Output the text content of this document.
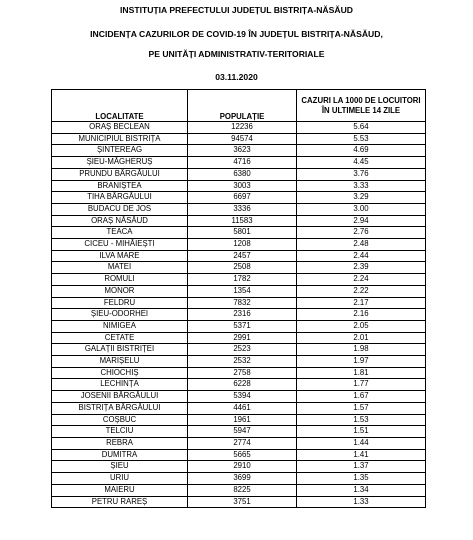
INSTITUȚIA PREFECTULUI JUDEȚUL BISTRIȚA-NĂSĂUD
INCIDENȚA CAZURILOR DE COVID-19 ÎN JUDEȚUL BISTRIȚA-NĂSĂUD,
PE UNITĂȚI ADMINISTRATIV-TERITORIALE
03.11.2020
LOCALITATE	POPULAȚIE	CAZURI LA 1000 DE LOCUITORI ÎN ULTIMELE 14 ZILE
ORAȘ BECLEAN	12236	5.64
MUNICIPIUL BISTRIȚA	94574	5.53
ȘINTEREAG	3623	4.69
ȘIEU-MĂGHERUȘ	4716	4.45
PRUNDU BÂRGĂULUI	6380	3.76
BRANIȘTEA	3003	3.33
TIHA BÂRGĂULUI	6697	3.29
BUDACU DE JOS	3336	3.00
ORAȘ NĂSĂUD	11583	2.94
TEACA	5801	2.76
CICEU - MIHĂIEȘTI	1208	2.48
ILVA MARE	2457	2.44
MATEI	2508	2.39
ROMULI	1782	2.24
MONOR	1354	2.22
FELDRU	7832	2.17
ȘIEU-ODORHEI	2316	2.16
NIMIGEA	5371	2.05
CETATE	2991	2.01
GALAȚII BISTRIȚEI	2523	1.98
MARIȘELU	2532	1.97
CHIOCHIȘ	2758	1.81
LECHINȚA	6228	1.77
JOSENII BÂRGĂULUI	5394	1.67
BISTRIȚA BÂRGĂULUI	4461	1.57
COȘBUC	1961	1.53
TELCIU	5947	1.51
REBRA	2774	1.44
DUMITRA	5665	1.41
ȘIEU	2910	1.37
URIU	3699	1.35
MAIERU	8225	1.34
PETRU RAREȘ	3751	1.33
